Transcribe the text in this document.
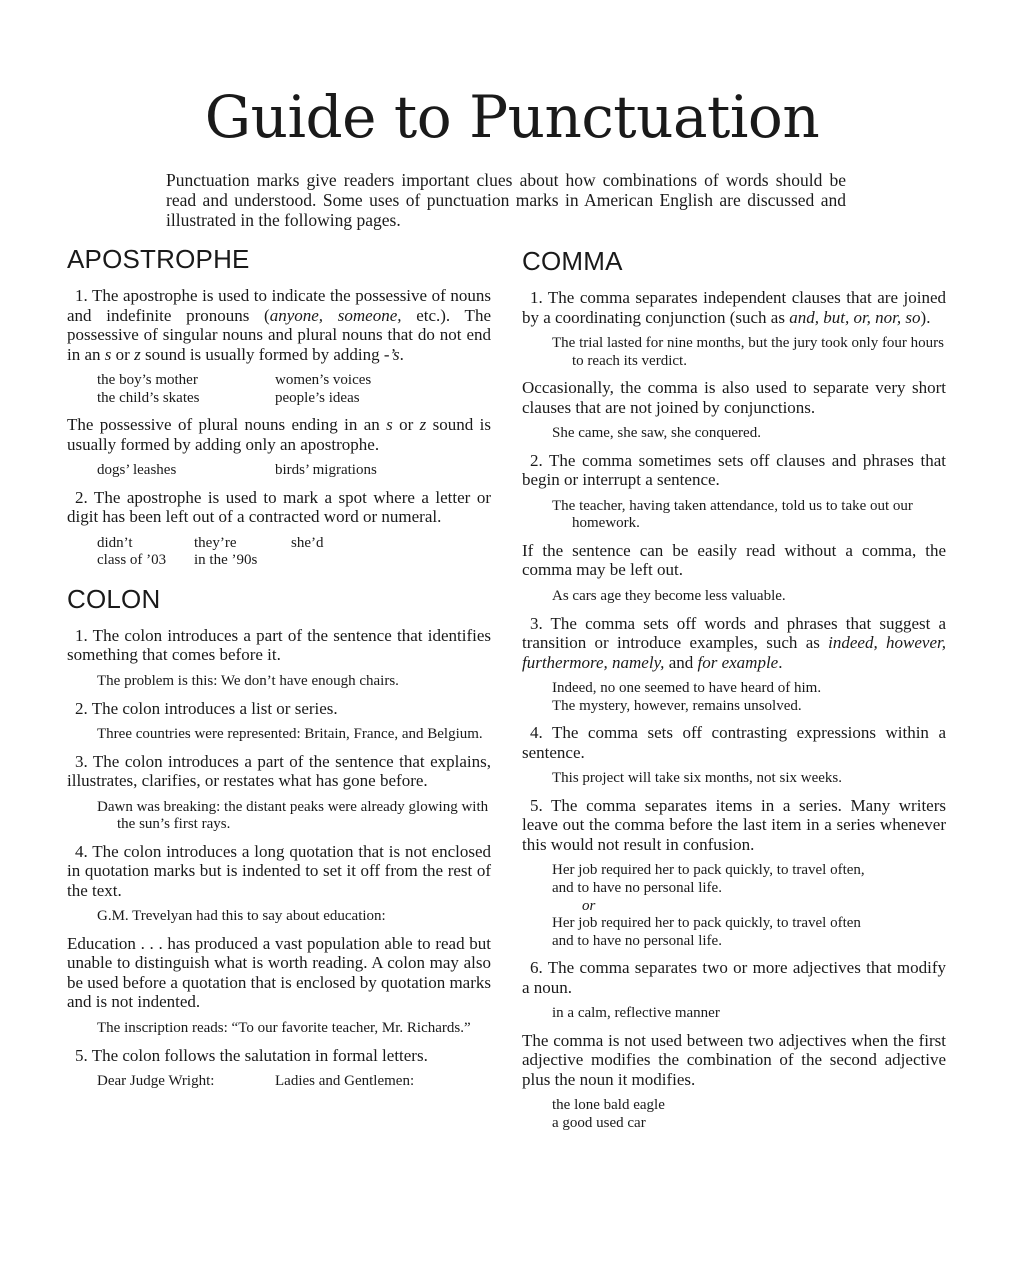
Guide to Punctuation

Punctuation marks give readers important clues about how combinations of words should be read and understood. Some uses of punctuation marks in American English are discussed and illustrated in the following pages.

APOSTROPHE

1. The apostrophe is used to indicate the possessive of nouns and indefinite pronouns (anyone, someone, etc.). The possessive of singular nouns and plural nouns that do not end in an s or z sound is usually formed by adding -’s.

the boy’s mother	women’s voices
the child’s skates	people’s ideas

The possessive of plural nouns ending in an s or z sound is usually formed by adding only an apostrophe.

dogs’ leashes	birds’ migrations

2. The apostrophe is used to mark a spot where a letter or digit has been left out of a contracted word or numeral.

didn’t	they’re	she’d
class of ’03	in the ’90s
COLON

1. The colon introduces a part of the sentence that identifies something that comes before it.

The problem is this: We don’t have enough chairs.

2. The colon introduces a list or series.

Three countries were represented: Britain, France, and Belgium.

3. The colon introduces a part of the sentence that explains, illustrates, clarifies, or restates what has gone before.

Dawn was breaking: the distant peaks were already glowing with the sun’s first rays.

4. The colon introduces a long quotation that is not enclosed in quotation marks but is indented to set it off from the rest of the text.

G.M. Trevelyan had this to say about education:

Education . . . has produced a vast population able to read but unable to distinguish what is worth reading. A colon may also be used before a quotation that is enclosed by quotation marks and is not indented.

The inscription reads: “To our favorite teacher, Mr. Richards.”

5. The colon follows the salutation in formal letters.

Dear Judge Wright:	Ladies and Gentlemen:
COMMA

1. The comma separates independent clauses that are joined by a coordinating conjunction (such as and, but, or, nor, so).

The trial lasted for nine months, but the jury took only four hours to reach its verdict.

Occasionally, the comma is also used to separate very short clauses that are not joined by conjunctions.

She came, she saw, she conquered.

2. The comma sometimes sets off clauses and phrases that begin or interrupt a sentence.

The teacher, having taken attendance, told us to take out our homework.

If the sentence can be easily read without a comma, the comma may be left out.

As cars age they become less valuable.

3. The comma sets off words and phrases that suggest a transition or introduce examples, such as indeed, however, furthermore, namely, and for example.

Indeed, no one seemed to have heard of him.
The mystery, however, remains unsolved.

4. The comma sets off contrasting expressions within a sentence.

This project will take six months, not six weeks.

5. The comma separates items in a series. Many writers leave out the comma before the last item in a series whenever this would not result in confusion.

Her job required her to pack quickly, to travel often,
and to have no personal life.
or
Her job required her to pack quickly, to travel often
and to have no personal life.

6. The comma separates two or more adjectives that modify a noun.

in a calm, reflective manner

The comma is not used between two adjectives when the first adjective modifies the combination of the second adjective plus the noun it modifies.

the lone bald eagle
a good used car
